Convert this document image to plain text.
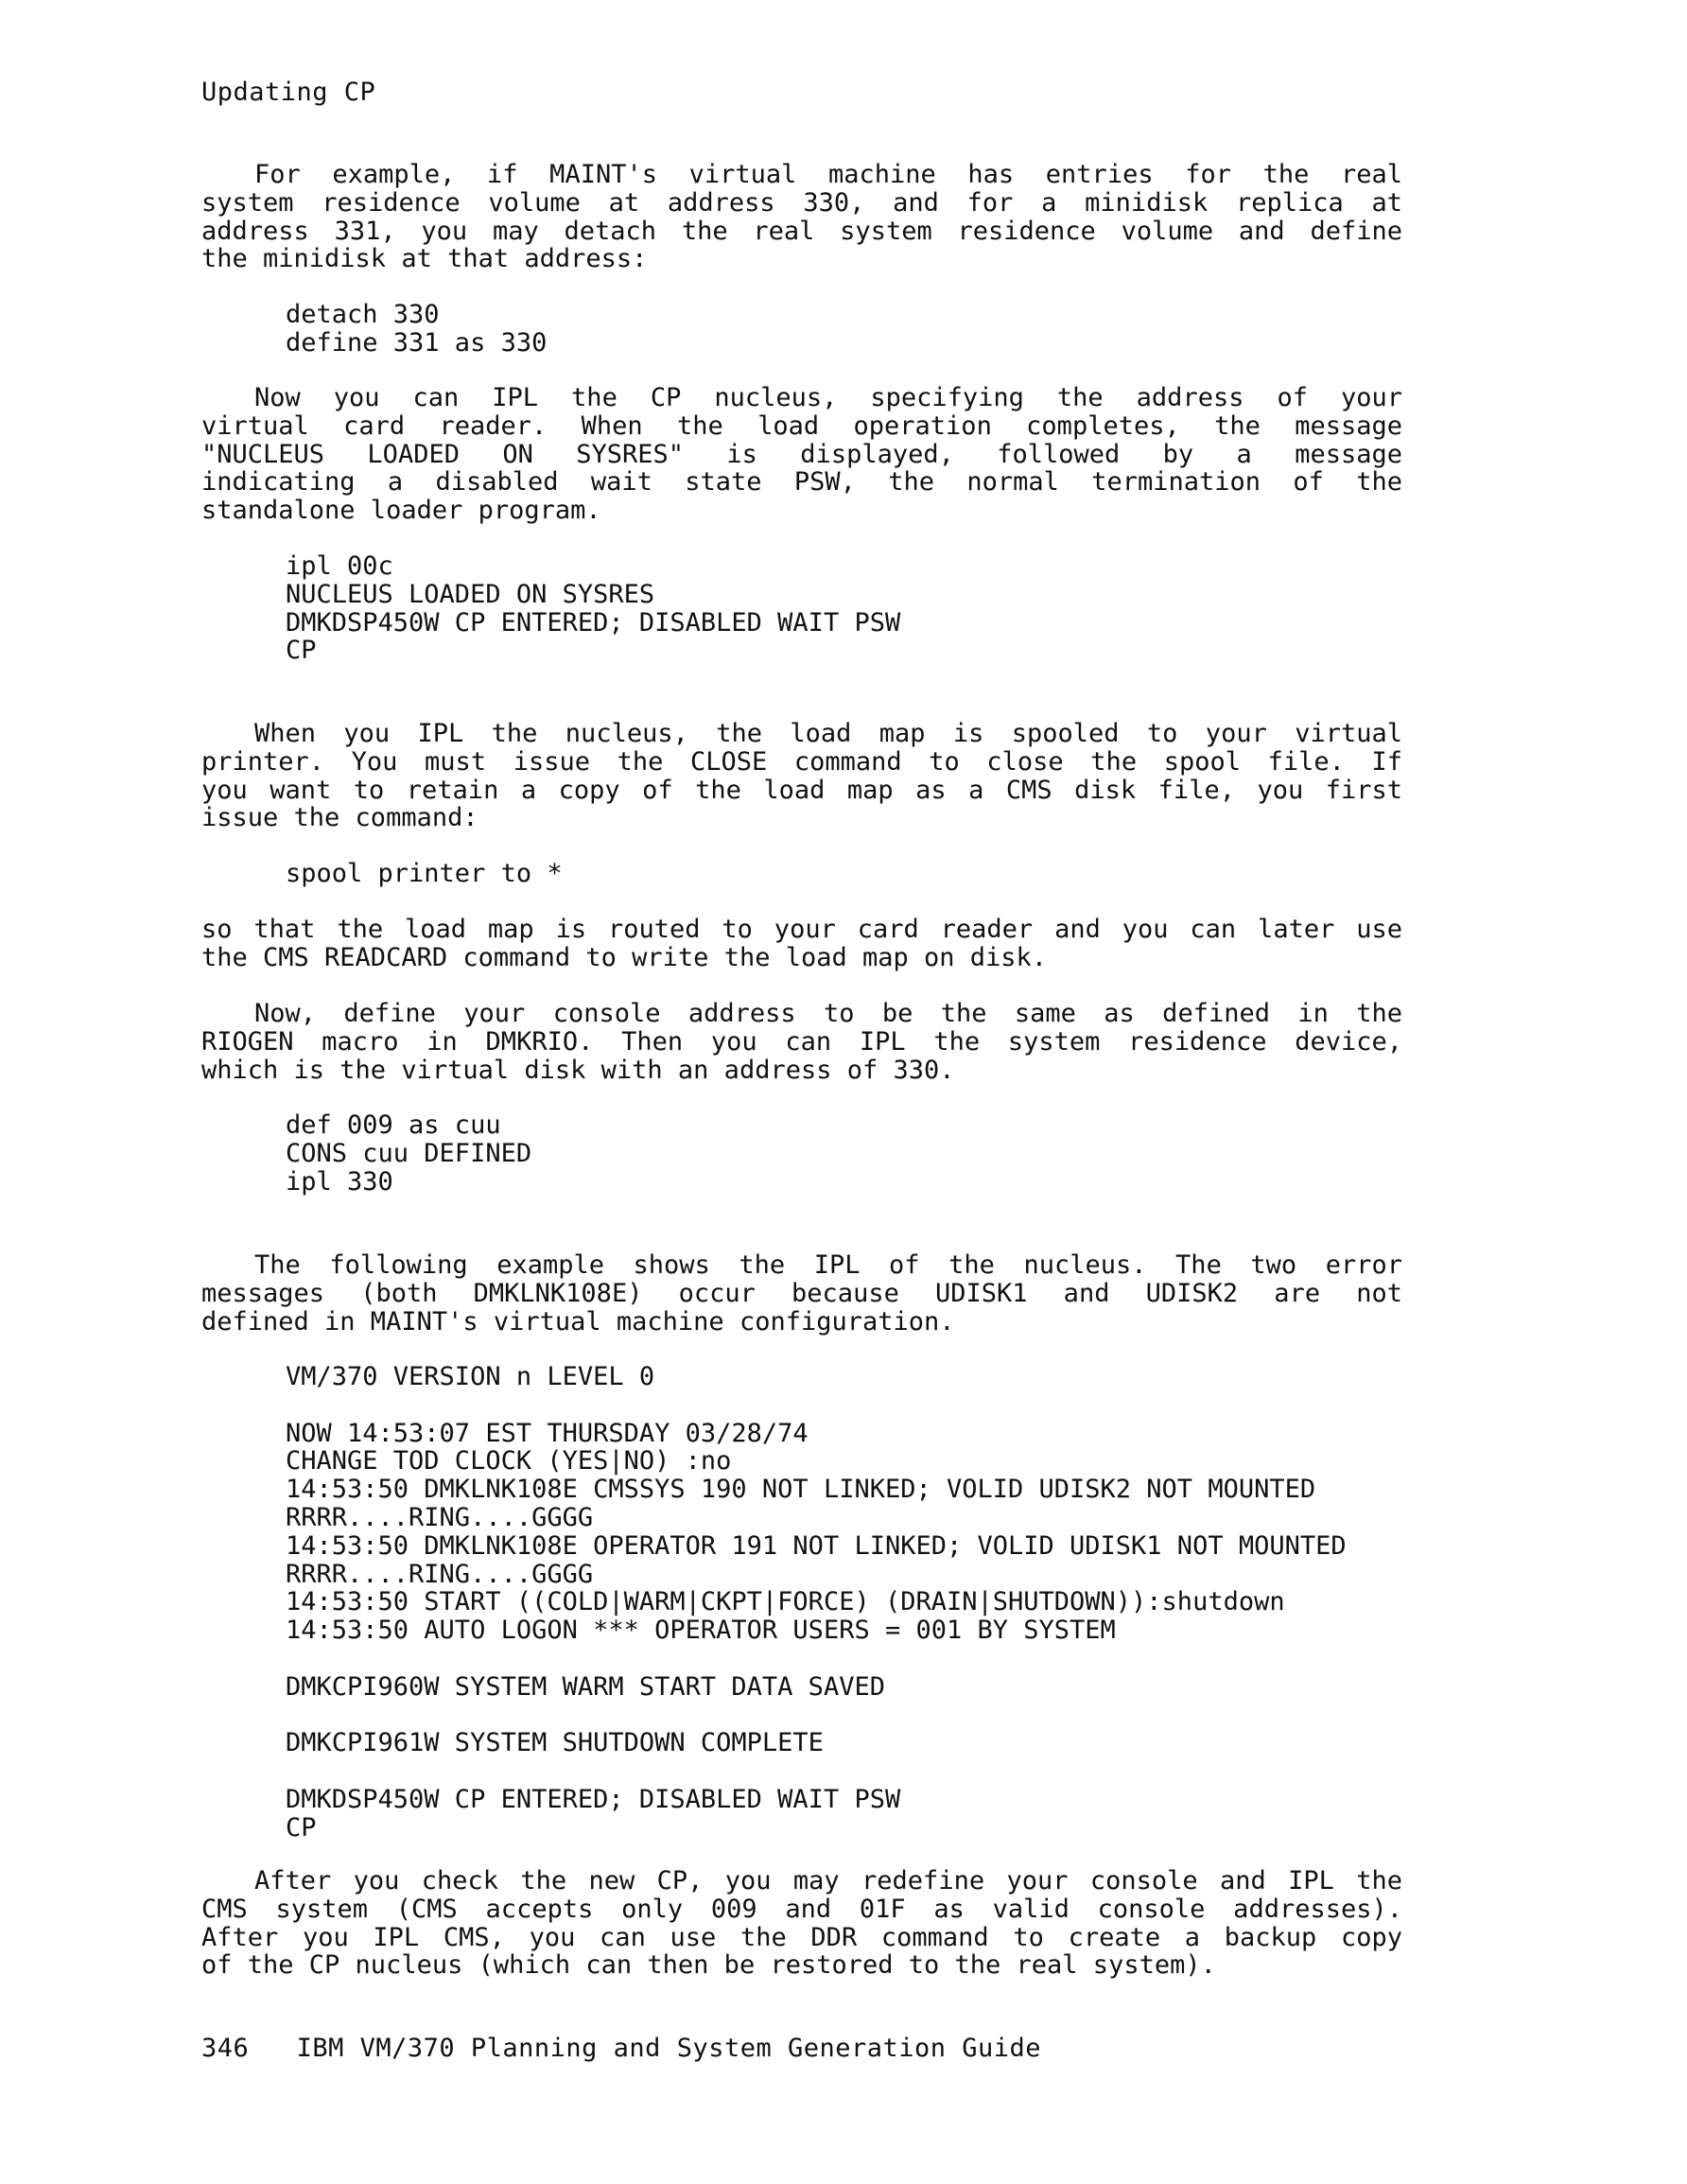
Updating CP
For example, if MAINT's virtual machine has entries for the real
system residence volume at address 330, and for a minidisk replica at
address 331, you may detach the real system residence volume and define
the minidisk at that address:
detach 330
define 331 as 330
Now you can IPL the CP nucleus, specifying the address of your
virtual card reader. When the load operation completes, the message
"NUCLEUS LOADED ON SYSRES" is displayed, followed by a message
indicating a disabled wait state PSW, the normal termination of the
standalone loader program.
ipl 00c
NUCLEUS LOADED ON SYSRES
DMKDSP450W CP ENTERED; DISABLED WAIT PSW
CP
When you IPL the nucleus, the load map is spooled to your virtual
printer. You must issue the CLOSE command to close the spool file. If
you want to retain a copy of the load map as a CMS disk file, you first
issue the command:
spool printer to *
so that the load map is routed to your card reader and you can later use
the CMS READCARD command to write the load map on disk.
Now, define your console address to be the same as defined in the
RIOGEN macro in DMKRIO. Then you can IPL the system residence device,
which is the virtual disk with an address of 330.
def 009 as cuu
CONS cuu DEFINED
ipl 330
The following example shows the IPL of the nucleus. The two error
messages (both DMKLNK108E) occur because UDISK1 and UDISK2 are not
defined in MAINT's virtual machine configuration.
VM/370 VERSION n LEVEL 0
NOW 14:53:07 EST THURSDAY 03/28/74
CHANGE TOD CLOCK (YES|NO) :no
14:53:50 DMKLNK108E CMSSYS 190 NOT LINKED; VOLID UDISK2 NOT MOUNTED
RRRR....RING....GGGG
14:53:50 DMKLNK108E OPERATOR 191 NOT LINKED; VOLID UDISK1 NOT MOUNTED
RRRR....RING....GGGG
14:53:50 START ((COLD|WARM|CKPT|FORCE) (DRAIN|SHUTDOWN)):shutdown
14:53:50 AUTO LOGON *** OPERATOR USERS = 001 BY SYSTEM
DMKCPI960W SYSTEM WARM START DATA SAVED
DMKCPI961W SYSTEM SHUTDOWN COMPLETE
DMKDSP450W CP ENTERED; DISABLED WAIT PSW
CP
After you check the new CP, you may redefine your console and IPL the
CMS system (CMS accepts only 009 and 01F as valid console addresses).
After you IPL CMS, you can use the DDR command to create a backup copy
of the CP nucleus (which can then be restored to the real system).
346 IBM VM/370 Planning and System Generation Guide
